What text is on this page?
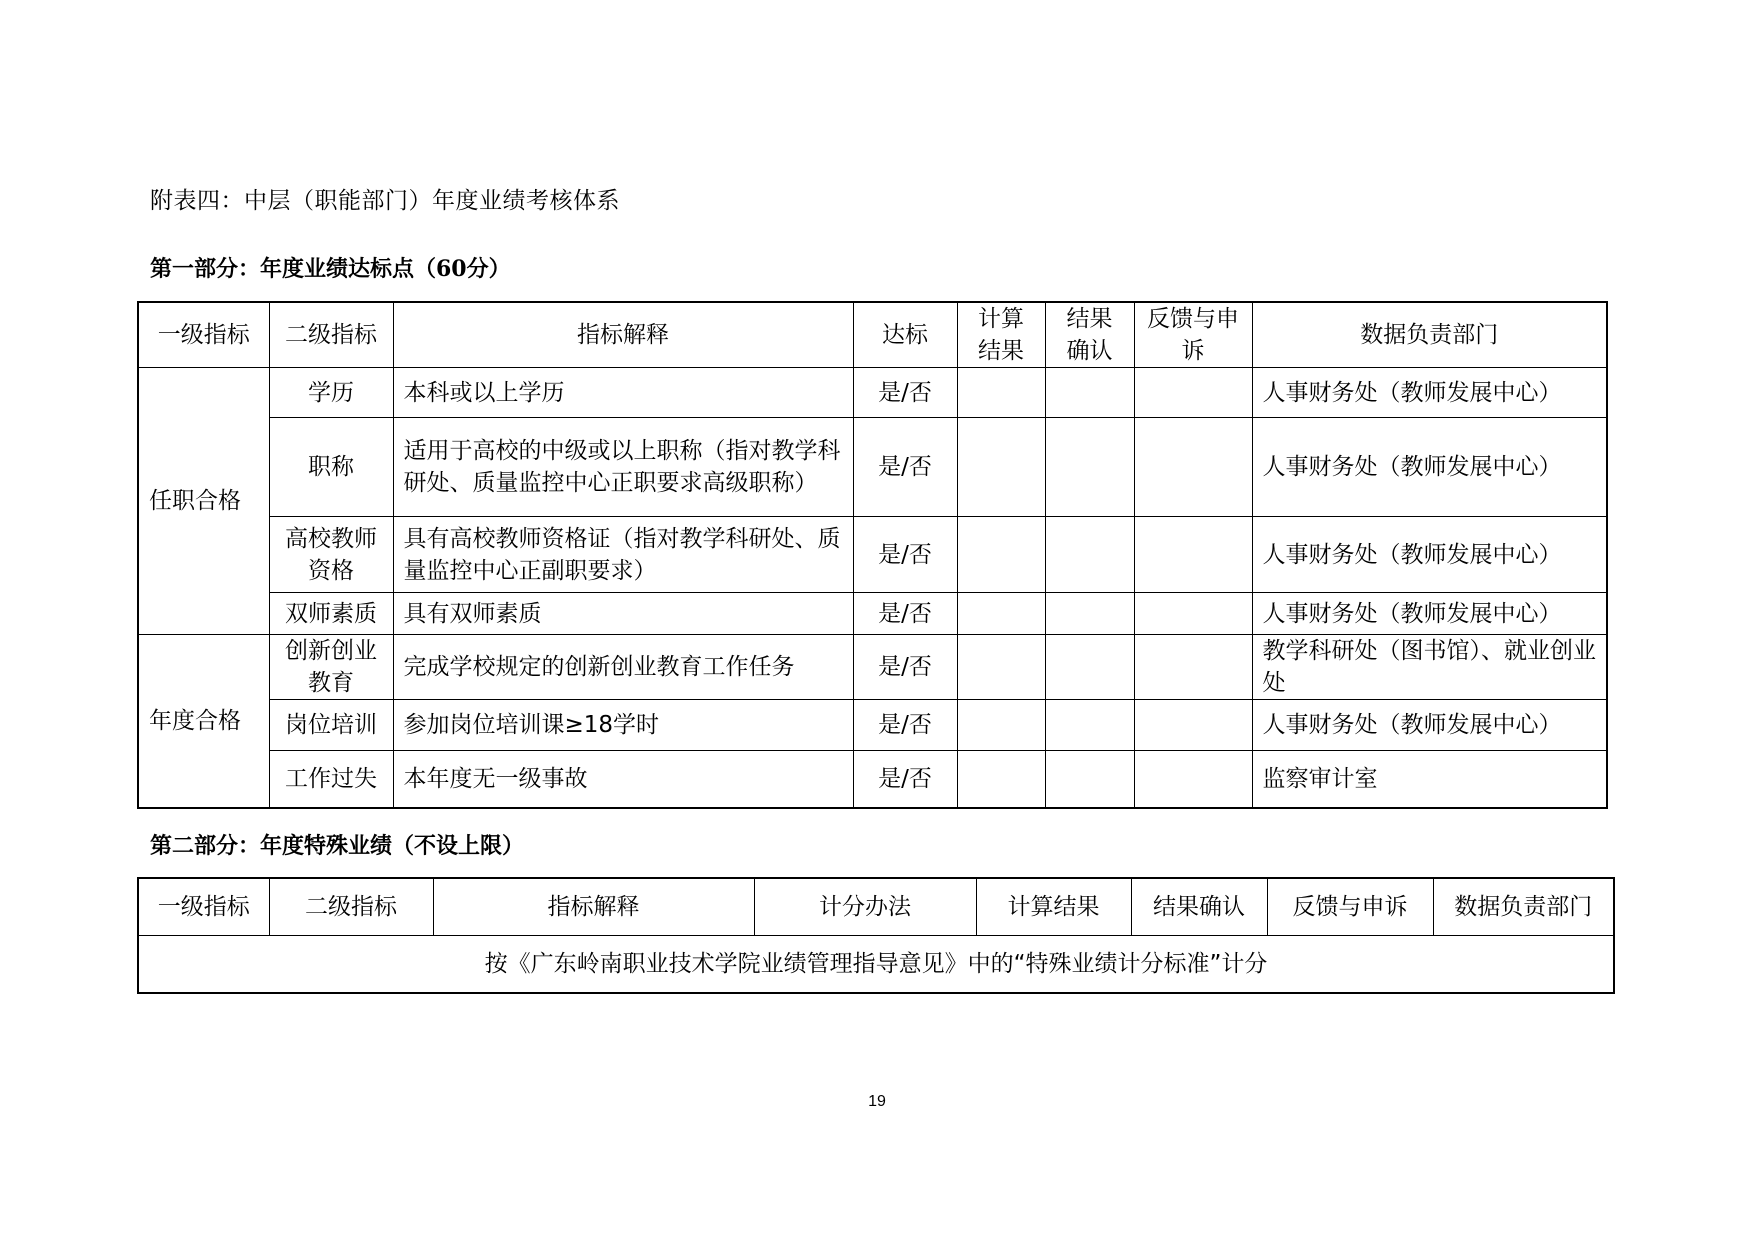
附表四：中层（职能部门）年度业绩考核体系
第一部分：年度业绩达标点（60分）
一级指标	二级指标	指标解释	达标	计算结果	结果确认	反馈与申诉	数据负责部门
任职合格	学历	本科或以上学历	是/否				人事财务处（教师发展中心）
	职称	适用于高校的中级或以上职称（指对教学科研处、质量监控中心正职要求高级职称）	是/否				人事财务处（教师发展中心）
	高校教师资格	具有高校教师资格证（指对教学科研处、质量监控中心正副职要求）	是/否				人事财务处（教师发展中心）
	双师素质	具有双师素质	是/否				人事财务处（教师发展中心）
年度合格	创新创业教育	完成学校规定的创新创业教育工作任务	是/否				教学科研处（图书馆）、就业创业处
	岗位培训	参加岗位培训课≥18学时	是/否				人事财务处（教师发展中心）
	工作过失	本年度无一级事故	是/否				监察审计室
第二部分：年度特殊业绩（不设上限）
一级指标	二级指标	指标解释	计分办法	计算结果	结果确认	反馈与申诉	数据负责部门
按《广东岭南职业技术学院业绩管理指导意见》中的“特殊业绩计分标准”计分
19
